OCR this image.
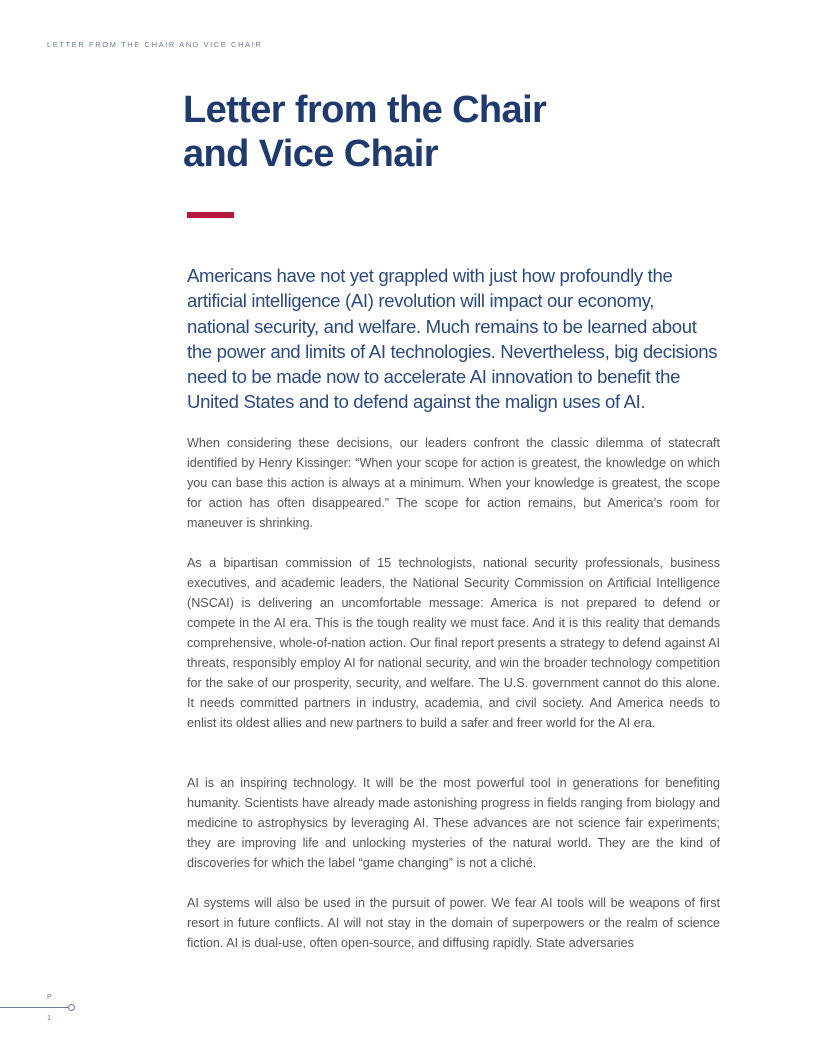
LETTER FROM THE CHAIR AND VICE CHAIR
Letter from the Chair
and Vice Chair

Americans have not yet grappled with just how profoundly the artificial intelligence (AI) revolution will impact our economy, national security, and welfare. Much remains to be learned about the power and limits of AI technologies. Nevertheless, big decisions need to be made now to accelerate AI innovation to benefit the United States and to defend against the malign uses of AI.

When considering these decisions, our leaders confront the classic dilemma of statecraft identified by Henry Kissinger: “When your scope for action is greatest, the knowledge on which you can base this action is always at a minimum. When your knowledge is greatest, the scope for action has often disappeared.” The scope for action remains, but America’s room for maneuver is shrinking.

As a bipartisan commission of 15 technologists, national security professionals, business executives, and academic leaders, the National Security Commission on Artificial Intelligence (NSCAI) is delivering an uncomfortable message: America is not prepared to defend or compete in the AI era. This is the tough reality we must face. And it is this reality that demands comprehensive, whole-of-nation action. Our final report presents a strategy to defend against AI threats, responsibly employ AI for national security, and win the broader technology competition for the sake of our prosperity, security, and welfare. The U.S. government cannot do this alone. It needs committed partners in industry, academia, and civil society. And America needs to enlist its oldest allies and new partners to build a safer and freer world for the AI era.

AI is an inspiring technology. It will be the most powerful tool in generations for benefiting humanity. Scientists have already made astonishing progress in fields ranging from biology and medicine to astrophysics by leveraging AI. These advances are not science fair experiments; they are improving life and unlocking mysteries of the natural world. They are the kind of discoveries for which the label “game changing” is not a cliché.

AI systems will also be used in the pursuit of power. We fear AI tools will be weapons of first resort in future conflicts. AI will not stay in the domain of superpowers or the realm of science fiction. AI is dual-use, often open-source, and diffusing rapidly. State adversaries

P
1
